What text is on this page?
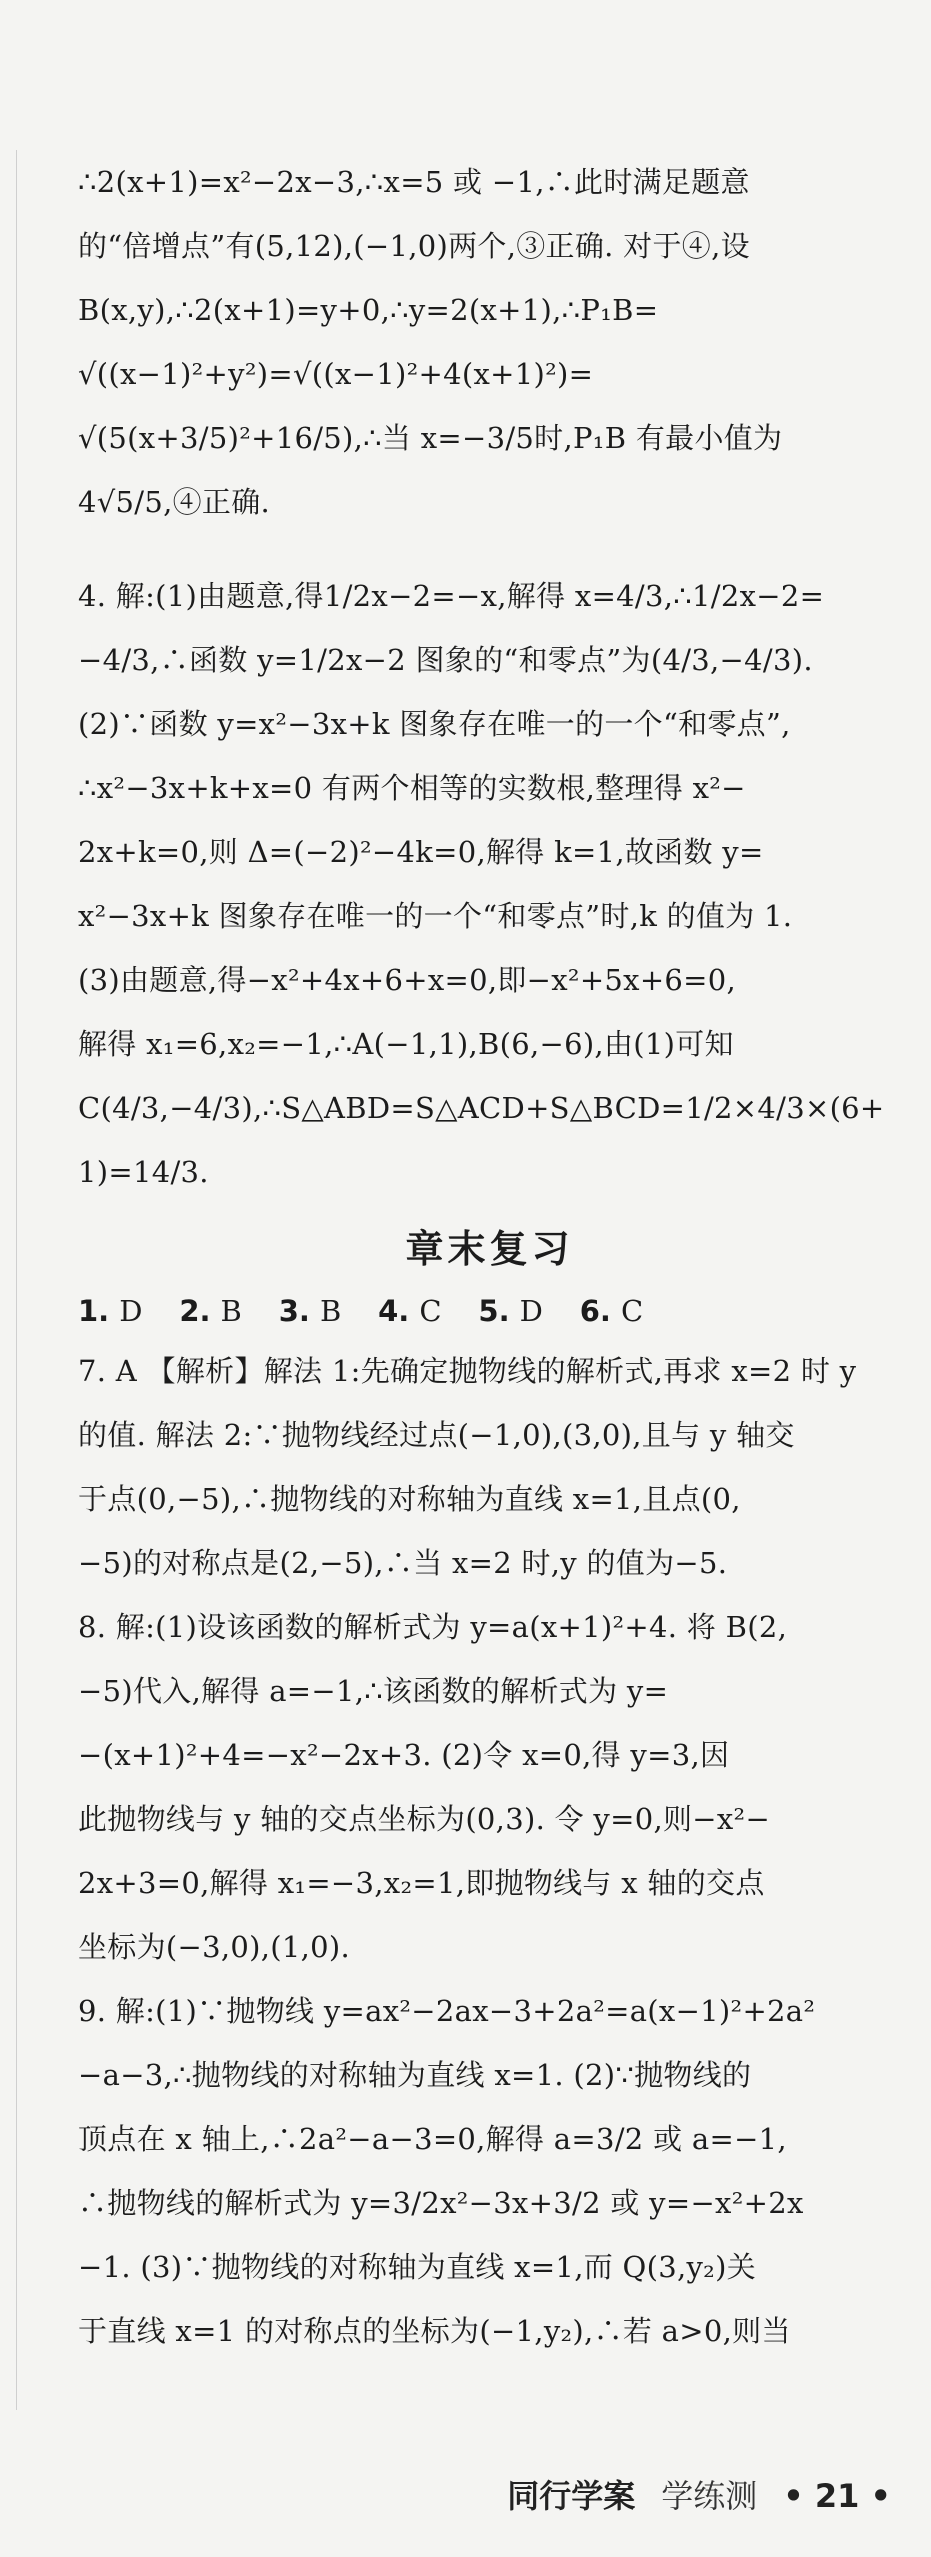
∴2(x+1)=x²−2x−3,∴x=5 或 −1,∴此时满足题意
的“倍增点”有(5,12),(−1,0)两个,③正确. 对于④,设
B(x,y),∴2(x+1)=y+0,∴y=2(x+1),∴P₁B=
√((x−1)²+y²)=√((x−1)²+4(x+1)²)=
√(5(x+3/5)²+16/5),∴当 x=−3/5时,P₁B 有最小值为
4√5/5,④正确.
4. 解:(1)由题意,得1/2x−2=−x,解得 x=4/3,∴1/2x−2=
−4/3,∴函数 y=1/2x−2 图象的“和零点”为(4/3,−4/3).
(2)∵函数 y=x²−3x+k 图象存在唯一的一个“和零点”,
∴x²−3x+k+x=0 有两个相等的实数根,整理得 x²−
2x+k=0,则 Δ=(−2)²−4k=0,解得 k=1,故函数 y=
x²−3x+k 图象存在唯一的一个“和零点”时,k 的值为 1.
(3)由题意,得−x²+4x+6+x=0,即−x²+5x+6=0,
解得 x₁=6,x₂=−1,∴A(−1,1),B(6,−6),由(1)可知
C(4/3,−4/3),∴S△ABD=S△ACD+S△BCD=1/2×4/3×(6+
1)=14/3.
章末复习
1. D 2. B 3. B 4. C 5. D 6. C
7. A 【解析】解法 1:先确定抛物线的解析式,再求 x=2 时 y
的值. 解法 2:∵抛物线经过点(−1,0),(3,0),且与 y 轴交
于点(0,−5),∴抛物线的对称轴为直线 x=1,且点(0,
−5)的对称点是(2,−5),∴当 x=2 时,y 的值为−5.
8. 解:(1)设该函数的解析式为 y=a(x+1)²+4. 将 B(2,
−5)代入,解得 a=−1,∴该函数的解析式为 y=
−(x+1)²+4=−x²−2x+3. (2)令 x=0,得 y=3,因
此抛物线与 y 轴的交点坐标为(0,3). 令 y=0,则−x²−
2x+3=0,解得 x₁=−3,x₂=1,即抛物线与 x 轴的交点
坐标为(−3,0),(1,0).
9. 解:(1)∵抛物线 y=ax²−2ax−3+2a²=a(x−1)²+2a²
−a−3,∴抛物线的对称轴为直线 x=1. (2)∵抛物线的
顶点在 x 轴上,∴2a²−a−3=0,解得 a=3/2 或 a=−1,
∴抛物线的解析式为 y=3/2x²−3x+3/2 或 y=−x²+2x
−1. (3)∵抛物线的对称轴为直线 x=1,而 Q(3,y₂)关
于直线 x=1 的对称点的坐标为(−1,y₂),∴若 a>0,则当
同行学案 学练测 • 21 •
